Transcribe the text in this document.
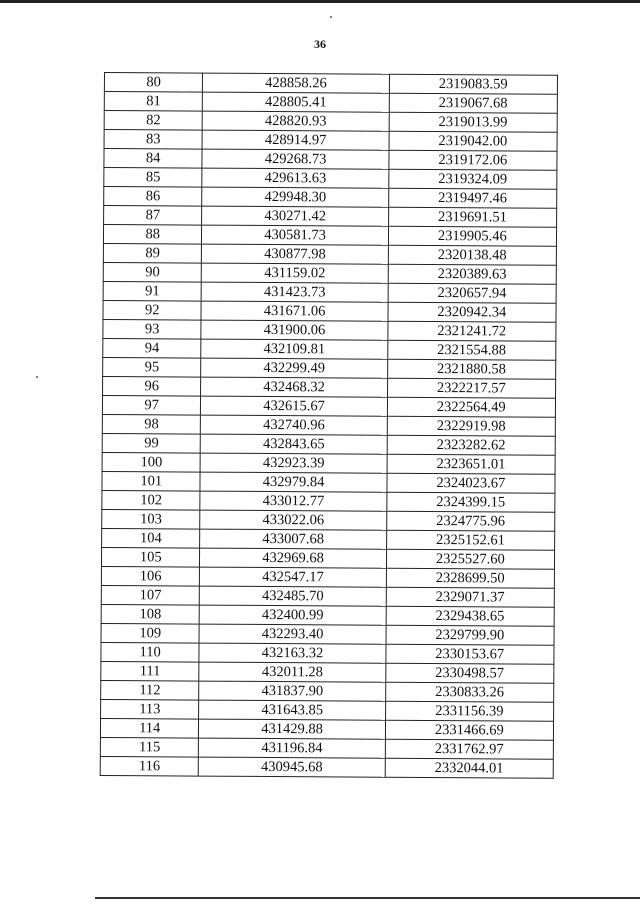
36
80	428858.26	2319083.59
81	428805.41	2319067.68
82	428820.93	2319013.99
83	428914.97	2319042.00
84	429268.73	2319172.06
85	429613.63	2319324.09
86	429948.30	2319497.46
87	430271.42	2319691.51
88	430581.73	2319905.46
89	430877.98	2320138.48
90	431159.02	2320389.63
91	431423.73	2320657.94
92	431671.06	2320942.34
93	431900.06	2321241.72
94	432109.81	2321554.88
95	432299.49	2321880.58
96	432468.32	2322217.57
97	432615.67	2322564.49
98	432740.96	2322919.98
99	432843.65	2323282.62
100	432923.39	2323651.01
101	432979.84	2324023.67
102	433012.77	2324399.15
103	433022.06	2324775.96
104	433007.68	2325152.61
105	432969.68	2325527.60
106	432547.17	2328699.50
107	432485.70	2329071.37
108	432400.99	2329438.65
109	432293.40	2329799.90
110	432163.32	2330153.67
111	432011.28	2330498.57
112	431837.90	2330833.26
113	431643.85	2331156.39
114	431429.88	2331466.69
115	431196.84	2331762.97
116	430945.68	2332044.01
